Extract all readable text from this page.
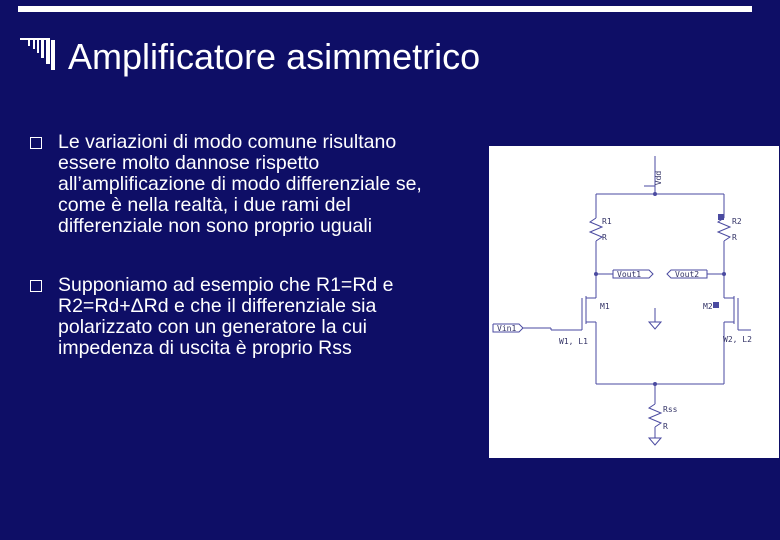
Amplificatore asimmetrico
Le variazioni di modo comune risultano essere molto dannose rispetto all’amplificazione di modo differenziale se, come è nella realtà, i due rami del differenziale non sono proprio uguali
Supponiamo ad esempio che R1=Rd e R2=Rd+ΔRd e che il differenziale sia polarizzato con un generatore la cui impedenza di uscita è proprio Rss
Vdd
R1
R
R2
R
Vout1	Vout2
M1
W1, L1
M2
W2, L2
Vin1
Rss
R
